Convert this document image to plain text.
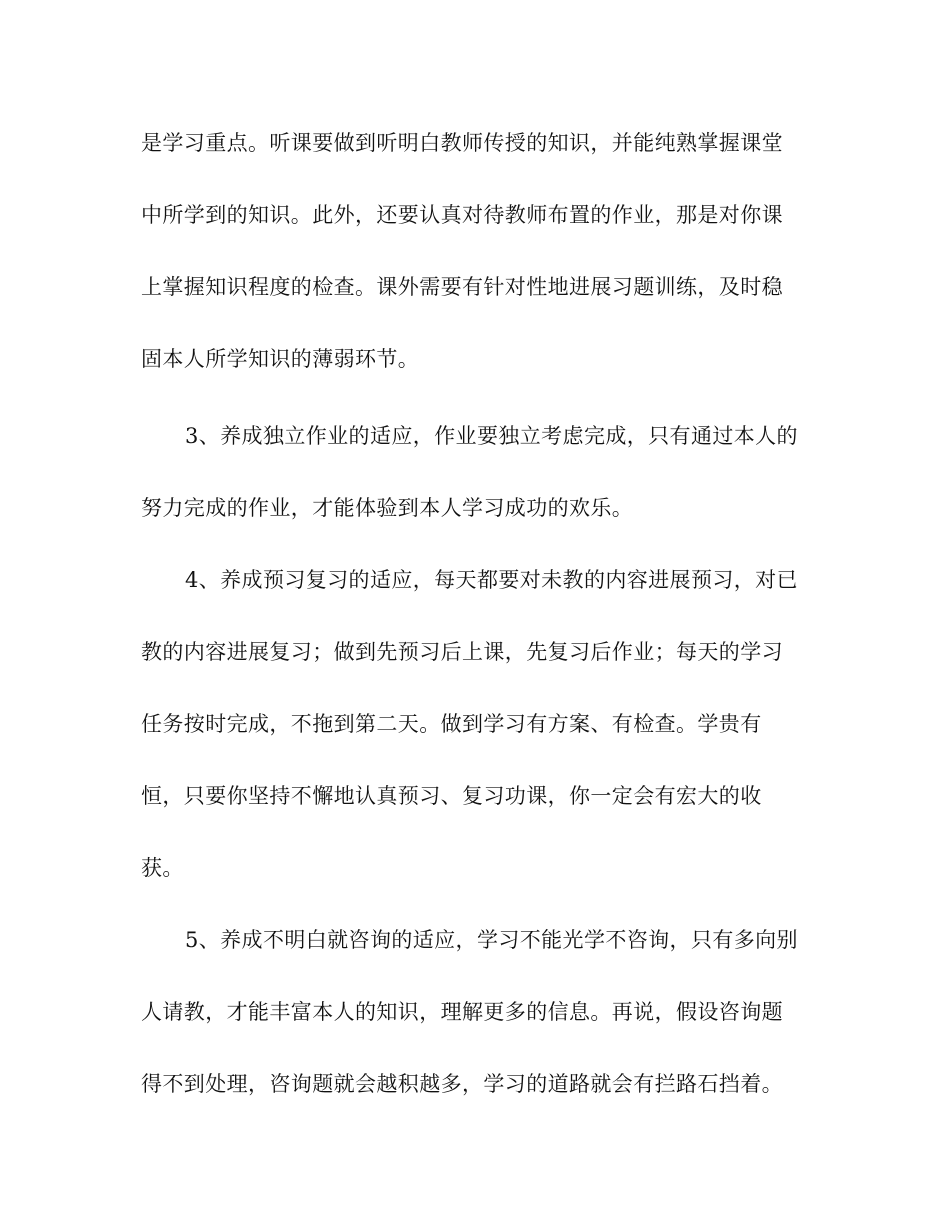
是学习重点。听课要做到听明白教师传授的知识，并能纯熟掌握课堂
中所学到的知识。此外，还要认真对待教师布置的作业，那是对你课
上掌握知识程度的检查。课外需要有针对性地进展习题训练，及时稳
固本人所学知识的薄弱环节。
3、养成独立作业的适应，作业要独立考虑完成，只有通过本人的
努力完成的作业，才能体验到本人学习成功的欢乐。
4、养成预习复习的适应，每天都要对未教的内容进展预习，对已
教的内容进展复习；做到先预习后上课，先复习后作业；每天的学习
任务按时完成，不拖到第二天。做到学习有方案、有检查。学贵有
恒，只要你坚持不懈地认真预习、复习功课，你一定会有宏大的收
获。
5、养成不明白就咨询的适应，学习不能光学不咨询，只有多向别
人请教，才能丰富本人的知识，理解更多的信息。再说，假设咨询题
得不到处理，咨询题就会越积越多，学习的道路就会有拦路石挡着。
